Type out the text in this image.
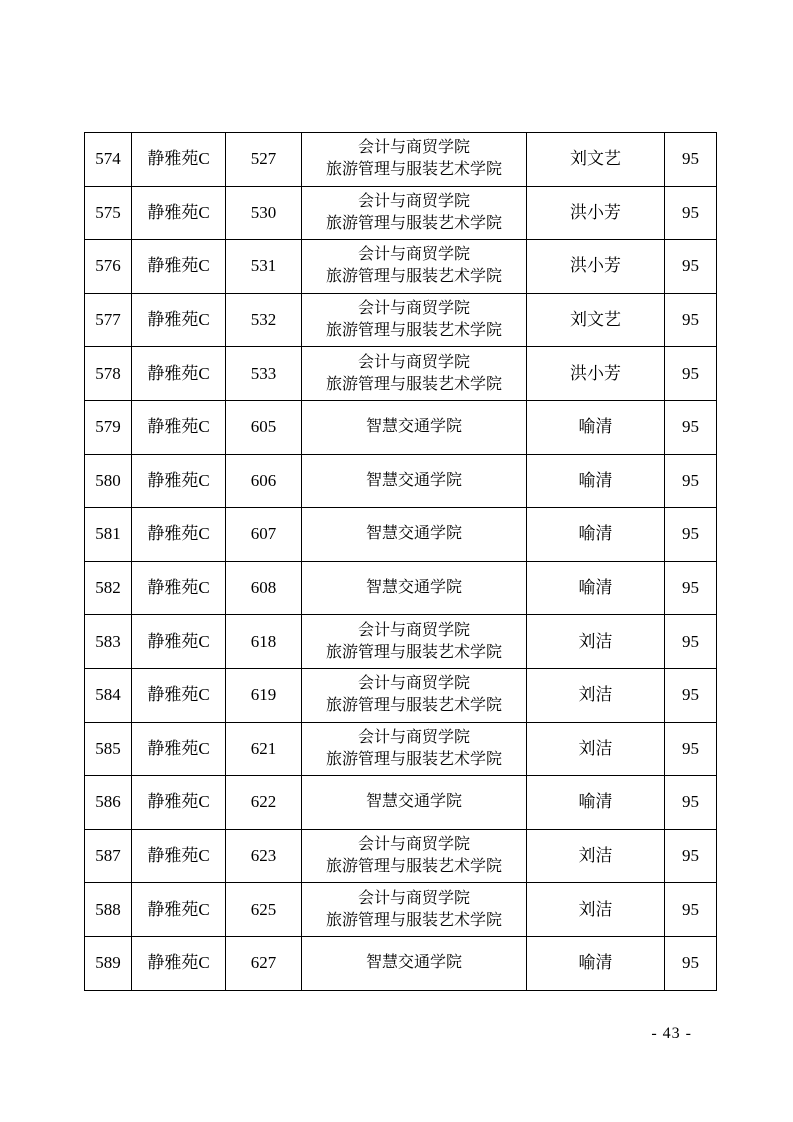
574	静雅苑C	527	会计与商贸学院
旅游管理与服装艺术学院	刘文艺	95
575	静雅苑C	530	会计与商贸学院
旅游管理与服装艺术学院	洪小芳	95
576	静雅苑C	531	会计与商贸学院
旅游管理与服装艺术学院	洪小芳	95
577	静雅苑C	532	会计与商贸学院
旅游管理与服装艺术学院	刘文艺	95
578	静雅苑C	533	会计与商贸学院
旅游管理与服装艺术学院	洪小芳	95
579	静雅苑C	605	智慧交通学院	喻清	95
580	静雅苑C	606	智慧交通学院	喻清	95
581	静雅苑C	607	智慧交通学院	喻清	95
582	静雅苑C	608	智慧交通学院	喻清	95
583	静雅苑C	618	会计与商贸学院
旅游管理与服装艺术学院	刘洁	95
584	静雅苑C	619	会计与商贸学院
旅游管理与服装艺术学院	刘洁	95
585	静雅苑C	621	会计与商贸学院
旅游管理与服装艺术学院	刘洁	95
586	静雅苑C	622	智慧交通学院	喻清	95
587	静雅苑C	623	会计与商贸学院
旅游管理与服装艺术学院	刘洁	95
588	静雅苑C	625	会计与商贸学院
旅游管理与服装艺术学院	刘洁	95
589	静雅苑C	627	智慧交通学院	喻清	95
- 43 -
